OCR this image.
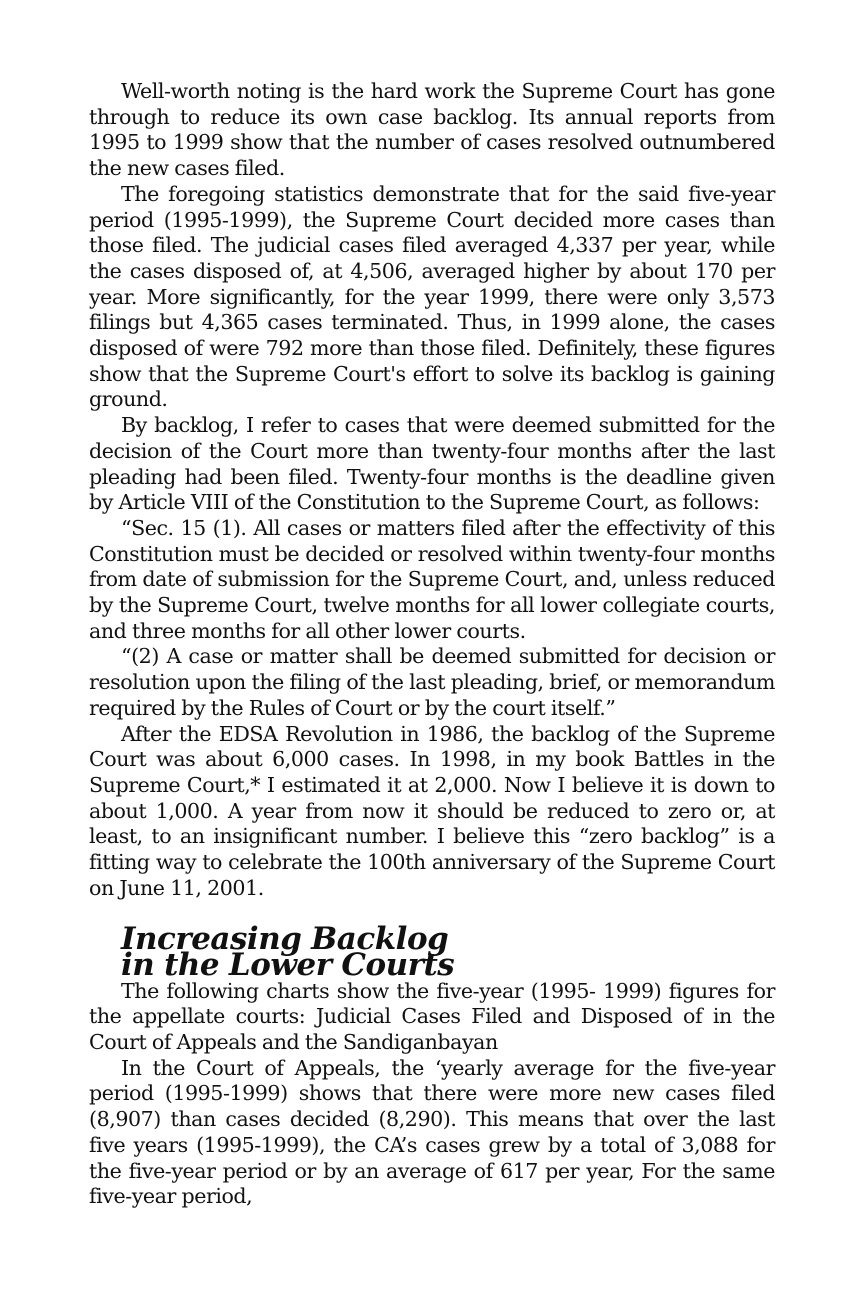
Well-worth noting is the hard work the Supreme Court has gone through to reduce its own case backlog. Its annual reports from 1995 to 1999 show that the number of cases resolved outnumbered the new cases filed.

The foregoing statistics demonstrate that for the said five-year period (1995-1999), the Supreme Court decided more cases than those filed. The judicial cases filed averaged 4,337 per year, while the cases disposed of, at 4,506, averaged higher by about 170 per year. More significantly, for the year 1999, there were only 3,573 filings but 4,365 cases terminated. Thus, in 1999 alone, the cases disposed of were 792 more than those filed. Definitely, these figures show that the Supreme Court's effort to solve its backlog is gaining ground.

By backlog, I refer to cases that were deemed submitted for the decision of the Court more than twenty-four months after the last pleading had been filed. Twenty-four months is the deadline given by Article VIII of the Constitution to the Supreme Court, as follows:

“Sec. 15 (1). All cases or matters filed after the effectivity of this Constitution must be decided or resolved within twenty-four months from date of submission for the Supreme Court, and, unless reduced by the Supreme Court, twelve months for all lower collegiate courts, and three months for all other lower courts.

“(2) A case or matter shall be deemed submitted for decision or resolution upon the filing of the last pleading, brief, or memorandum required by the Rules of Court or by the court itself.”

After the EDSA Revolution in 1986, the backlog of the Supreme Court was about 6,000 cases. In 1998, in my book Battles in the Supreme Court,* I estimated it at 2,000. Now I believe it is down to about 1,000. A year from now it should be reduced to zero or, at least, to an insignificant number. I believe this “zero backlog” is a fitting way to celebrate the 100th anniversary of the Supreme Court on June 11, 2001.

Increasing Backlog
in the Lower Courts

The following charts show the five-year (1995- 1999) figures for the appellate courts: Judicial Cases Filed and Disposed of in the Court of Appeals and the Sandiganbayan

In the Court of Appeals, the ‘yearly average for the five-year period (1995-1999) shows that there were more new cases filed (8,907) than cases decided (8,290). This means that over the last five years (1995-1999), the CA’s cases grew by a total of 3,088 for the five-year period or by an average of 617 per year, For the same five-year period,
